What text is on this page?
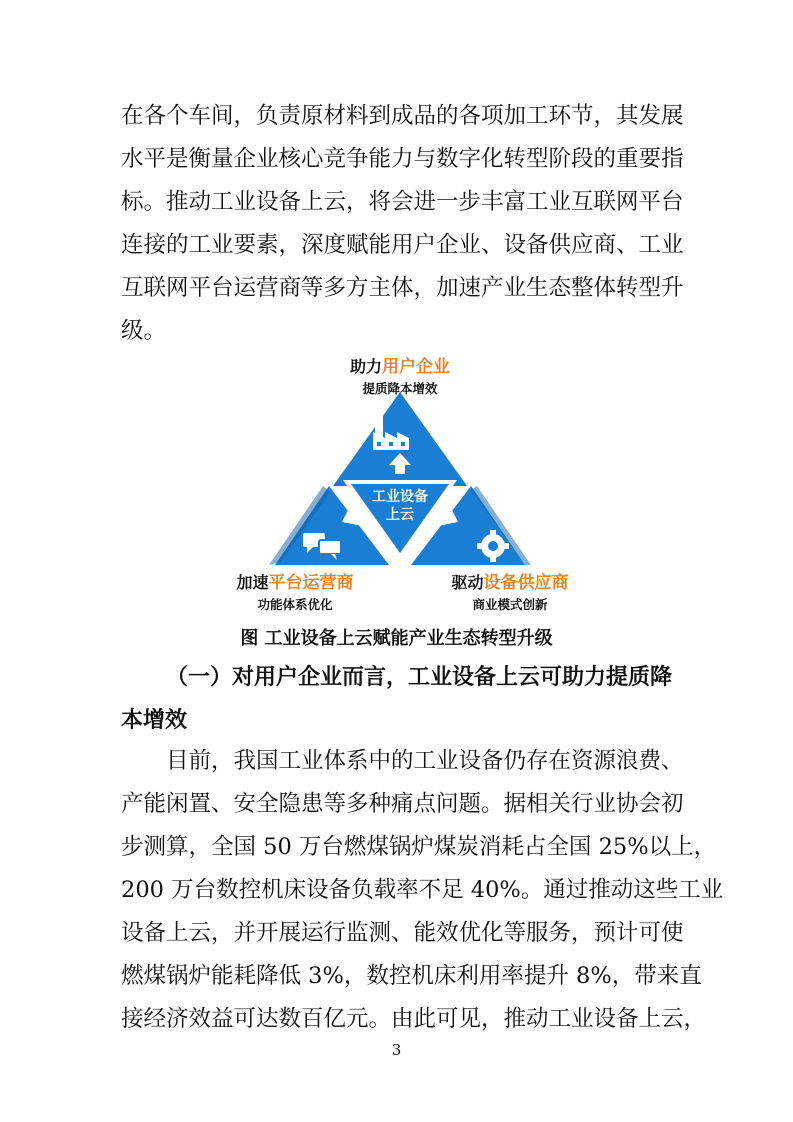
在各个车间，负责原材料到成品的各项加工环节，其发展
水平是衡量企业核心竞争能力与数字化转型阶段的重要指
标。推动工业设备上云，将会进一步丰富工业互联网平台
连接的工业要素，深度赋能用户企业、设备供应商、工业
互联网平台运营商等多方主体，加速产业生态整体转型升
级。
工业设备
上云
助力用户企业
提质降本增效
加速平台运营商
功能体系优化
驱动设备供应商
商业模式创新
图 工业设备上云赋能产业生态转型升级
（一）对用户企业而言，工业设备上云可助力提质降
本增效
目前，我国工业体系中的工业设备仍存在资源浪费、
产能闲置、安全隐患等多种痛点问题。据相关行业协会初
步测算，全国 50 万台燃煤锅炉煤炭消耗占全国 25%以上，
200 万台数控机床设备负载率不足 40%。通过推动这些工业
设备上云，并开展运行监测、能效优化等服务，预计可使
燃煤锅炉能耗降低 3%，数控机床利用率提升 8%，带来直
接经济效益可达数百亿元。由此可见，推动工业设备上云，
3
